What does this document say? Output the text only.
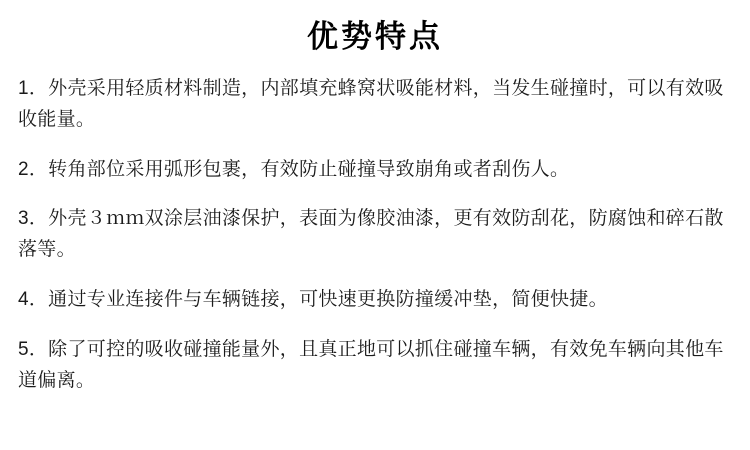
优势特点

1．外壳采用轻质材料制造，内部填充蜂窝状吸能材料，当发生碰撞时，可以有效吸收能量。

2．转角部位采用弧形包裹，有效防止碰撞导致崩角或者刮伤人。

3．外壳３ｍｍ双涂层油漆保护，表面为像胶油漆，更有效防刮花，防腐蚀和碎石散落等。

4．通过专业连接件与车辆链接，可快速更换防撞缓冲垫，简便快捷。

5．除了可控的吸收碰撞能量外，且真正地可以抓住碰撞车辆，有效免车辆向其他车道偏离。
